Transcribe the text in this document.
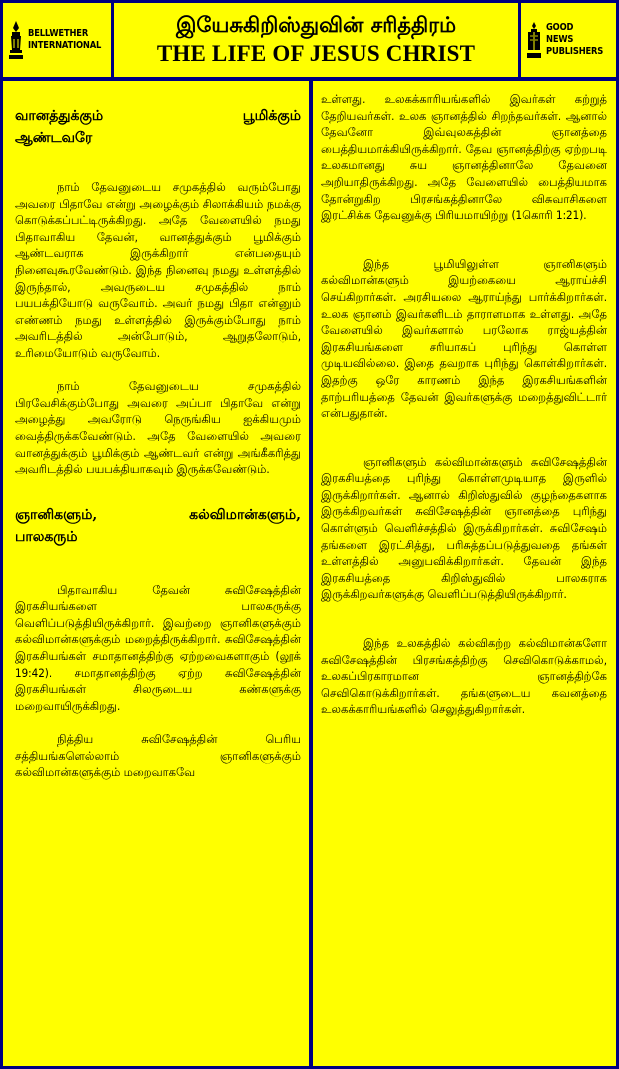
BELLWETHER
INTERNATIONAL
இயேசுகிறிஸ்துவின் சரித்திரம்
THE LIFE OF JESUS CHRIST
GOOD NEWS
PUBLISHERS
வானத்துக்கும் பூமிக்கும்
ஆண்டவரே

நாம் தேவனுடைய சமுகத்தில் வரும்போது அவரை பிதாவே என்று அழைக்கும் சிலாக்கியம் நமக்கு கொடுக்கப்பட்டிருக்கிறது. அதே வேளையில் நமது பிதாவாகிய தேவன், வானத்துக்கும் பூமிக்கும் ஆண்டவராக இருக்கிறார் என்பதையும் நினைவுகூரவேண்டும். இந்த நினைவு நமது உள்ளத்தில் இருந்தால், அவருடைய சமுகத்தில் நாம் பயபக்தியோடு வருவோம். அவர் நமது பிதா என்னும் எண்ணம் நமது உள்ளத்தில் இருக்கும்போது நாம் அவரிடத்தில் அன்போடும், ஆறுதலோடும், உரிமையோடும் வருவோம்.

நாம் தேவனுடைய சமுகத்தில் பிரவேசிக்கும்போது அவரை அப்பா பிதாவே என்று அழைத்து அவரோடு நெருங்கிய ஐக்கியமும் வைத்திருக்கவேண்டும். அதே வேளையில் அவரை வானத்துக்கும் பூமிக்கும் ஆண்டவர் என்று அங்கீகரித்து அவரிடத்தில் பயபக்தியாகவும் இருக்கவேண்டும்.

ஞானிகளும், கல்விமான்களும்,
பாலகரும்

பிதாவாகிய தேவன் சுவிசேஷத்தின் இரகசியங்களை பாலகருக்கு வெளிப்படுத்தியிருக்கிறார். இவற்றை ஞானிகளுக்கும் கல்விமான்களுக்கும் மறைத்திருக்கிறார். சுவிசேஷத்தின் இரகசியங்கள் சமாதானத்திற்கு ஏற்றவைகளாகும் (லூக் 19:42). சமாதானத்திற்கு ஏற்ற சுவிசேஷத்தின் இரகசியங்கள் சிலருடைய கண்களுக்கு மறைவாயிருக்கிறது.

நித்திய சுவிசேஷத்தின் பெரிய சத்தியங்களெல்லாம் ஞானிகளுக்கும் கல்விமான்களுக்கும் மறைவாகவே

உள்ளது. உலகக்காரியங்களில் இவர்கள் கற்றுத் தேறியவர்கள். உலக ஞானத்தில் சிறந்தவர்கள். ஆனால் தேவனோ இவ்வுலகத்தின் ஞானத்தை பைத்தியமாக்கியிருக்கிறார். தேவ ஞானத்திற்கு ஏற்றபடி உலகமானது சுய ஞானத்தினாலே தேவனை அறியாதிருக்கிறது. அதே வேளையில் பைத்தியமாக தோன்றுகிற பிரசங்கத்தினாலே விசுவாசிகளை இரட்சிக்க தேவனுக்கு பிரியமாயிற்று (1கொரி 1:21).

இந்த பூமியிலுள்ள ஞானிகளும் கல்விமான்களும் இயற்கையை ஆராய்ச்சி செய்கிறார்கள். அரசியலை ஆராய்ந்து பார்க்கிறார்கள். உலக ஞானம் இவர்களிடம் தாராளமாக உள்ளது. அதே வேளையில் இவர்களால் பரலோக ராஜ்யத்தின் இரகசியங்களை சரியாகப் புரிந்து கொள்ள முடியவில்லை. இதை தவறாக புரிந்து கொள்கிறார்கள். இதற்கு ஒரே காரணம் இந்த இரகசியங்களின் தாற்பரியத்தை தேவன் இவர்களுக்கு மறைத்துவிட்டார் என்பதுதான்.

ஞானிகளும் கல்விமான்களும் சுவிசேஷத்தின் இரகசியத்தை புரிந்து கொள்ளமுடியாத இருளில் இருக்கிறார்கள். ஆனால் கிறிஸ்துவில் குழந்தைகளாக இருக்கிறவர்கள் சுவிசேஷத்தின் ஞானத்தை புரிந்து கொள்ளும் வெளிச்சத்தில் இருக்கிறார்கள். சுவிசேஷம் தங்களை இரட்சித்து, பரிசுத்தப்படுத்துவதை தங்கள் உள்ளத்தில் அனுபவிக்கிறார்கள். தேவன் இந்த இரகசியத்தை கிறிஸ்துவில் பாலகராக இருக்கிறவர்களுக்கு வெளிப்படுத்தியிருக்கிறார்.

இந்த உலகத்தில் கல்விகற்ற கல்விமான்களோ சுவிசேஷத்தின் பிரசங்கத்திற்கு செவிகொடுக்காமல், உலகப்பிரகாரமான ஞானத்திற்கே செவிகொடுக்கிறார்கள். தங்களுடைய கவனத்தை உலகக்காரியங்களில் செலுத்துகிறார்கள்.
